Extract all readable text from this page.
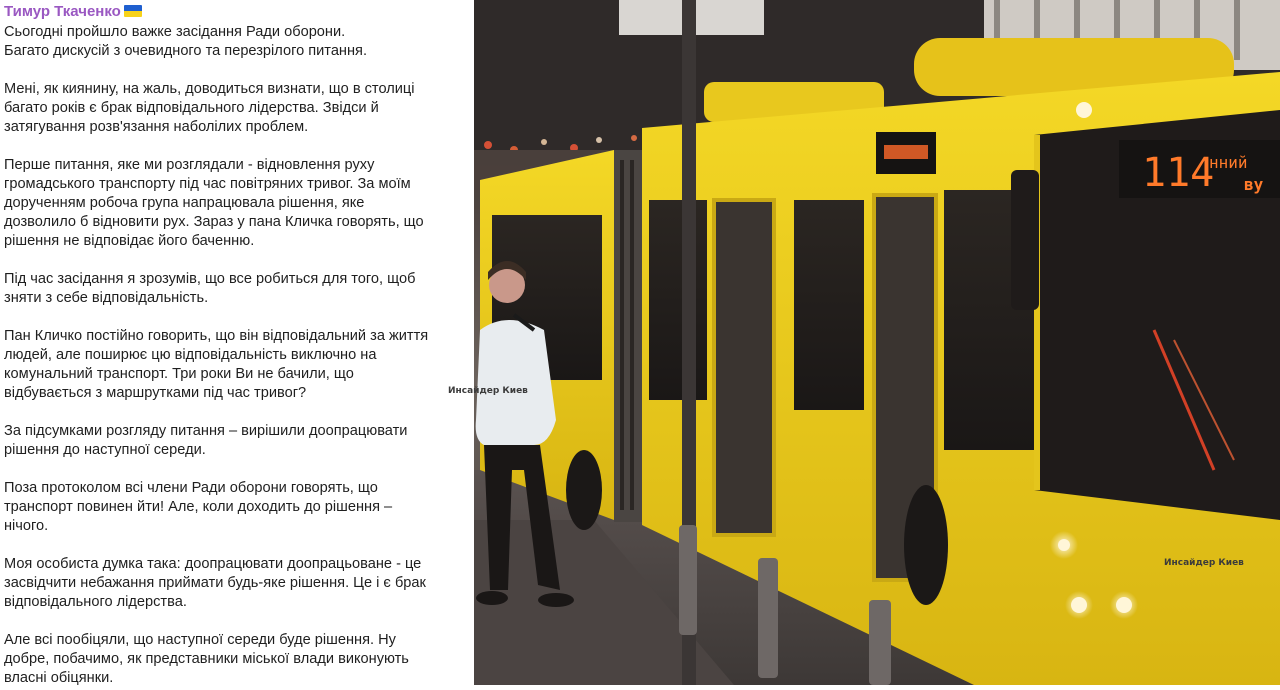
Тимур Ткаченко
Сьогодні пройшло важке засідання Ради оборони.
Багато дискусій з очевидного та перезрілого питання.
Мені, як киянину, на жаль, доводиться визнати, що в столиці
багато років є брак відповідального лідерства. Звідси й
затягування розв'язання наболілих проблем.
Перше питання, яке ми розглядали - відновлення руху
громадського транспорту під час повітряних тривог. За моїм
дорученням робоча група напрацювала рішення, яке
дозволило б відновити рух. Зараз у пана Кличка говорять, що
рішення не відповідає його баченню.
Під час засідання я зрозумів, що все робиться для того, щоб
зняти з себе відповідальність.
Пан Кличко постійно говорить, що він відповідальний за життя
людей, але поширює цю відповідальність виключно на
комунальний транспорт. Три роки Ви не бачили, що
відбувається з маршрутками під час тривог?
За підсумками розгляду питання – вирішили доопрацювати
рішення до наступної середи.
Поза протоколом всі члени Ради оборони говорять, що
транспорт повинен йти! Але, коли доходить до рішення –
нічого.
Моя особиста думка така: доопрацювати доопрацьоване - це
засвідчити небажання приймати будь-яке рішення. Це і є брак
відповідального лідерства.
Але всі пообіцяли, що наступної середи буде рішення. Ну
добре, побачимо, як представники міської влади виконують
власні обіцянки.
114
нний
ву
Инсайдер Киев
Инсайдер Киев
